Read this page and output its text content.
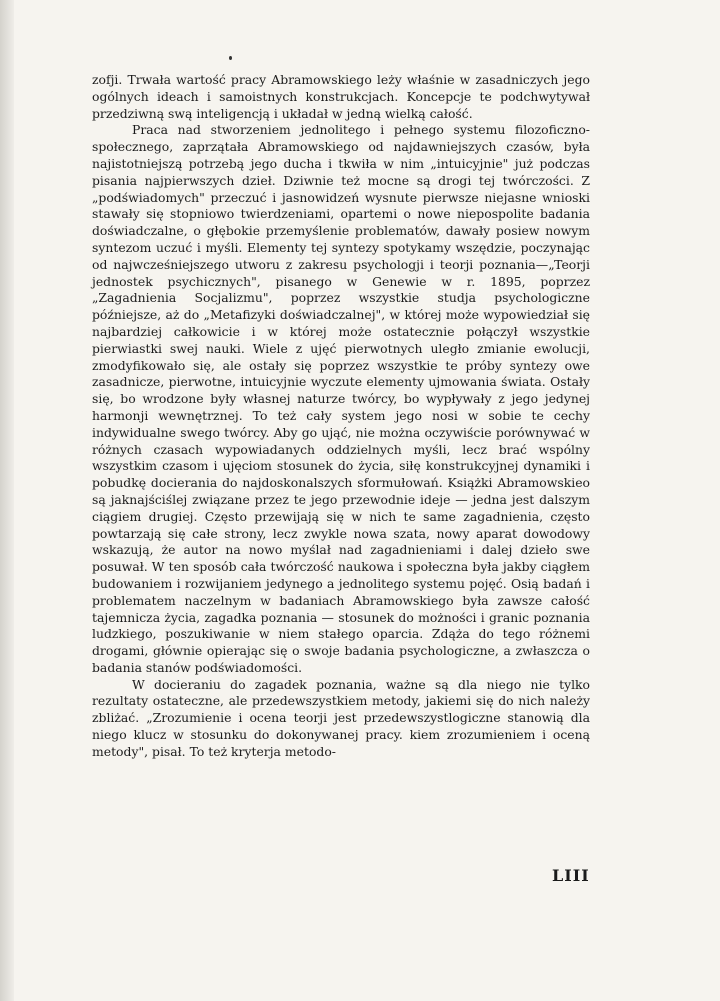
zofji. Trwała wartość pracy Abramowskiego leży właśnie w zasadniczych jego ogólnych ideach i samoistnych konstrukcjach. Koncepcje te podchwytywał przedziwną swą inteligencją i układał w jedną wielką całość.

Praca nad stworzeniem jednolitego i pełnego systemu filozoficzno-społecznego, zaprzątała Abramowskiego od najdawniejszych czasów, była najistotniejszą potrzebą jego ducha i tkwiła w nim „intuicyjnie" już podczas pisania najpierwszych dzieł. Dziwnie też mocne są drogi tej twórczości. Z „podświadomych" przeczuć i jasnowidzeń wysnute pierwsze niejasne wnioski stawały się stopniowo twierdzeniami, opartemi o nowe niepospolite badania doświadczalne, o głębokie przemyślenie problematów, dawały posiew nowym syntezom uczuć i myśli. Elementy tej syntezy spotykamy wszędzie, poczynając od najwcześniejszego utworu z zakresu psychologji i teorji poznania—„Teorji jednostek psychicznych", pisanego w Genewie w r. 1895, poprzez „Zagadnienia Socjalizmu", poprzez wszystkie studja psychologiczne późniejsze, aż do „Metafizyki doświadczalnej", w której może wypowiedział się najbardziej całkowicie i w której może ostatecznie połączył wszystkie pierwiastki swej nauki. Wiele z ujęć pierwotnych uległo zmianie ewolucji, zmodyfikowało się, ale ostały się poprzez wszystkie te próby syntezy owe zasadnicze, pierwotne, intuicyjnie wyczute elementy ujmowania świata. Ostały się, bo wrodzone były własnej naturze twórcy, bo wypływały z jego jedynej harmonji wewnętrznej. To też cały system jego nosi w sobie te cechy indywidualne swego twórcy. Aby go ująć, nie można oczywiście porównywać w różnych czasach wypowiadanych oddzielnych myśli, lecz brać wspólny wszystkim czasom i ujęciom stosunek do życia, siłę konstrukcyjnej dynamiki i pobudkę docierania do najdoskonalszych sformułowań. Książki Abramowskieo są jaknajściślej związane przez te jego przewodnie ideje — jedna jest dalszym ciągiem drugiej. Często przewijają się w nich te same zagadnienia, często powtarzają się całe strony, lecz zwykle nowa szata, nowy aparat dowodowy wskazują, że autor na nowo myślał nad zagadnieniami i dalej dzieło swe posuwał. W ten sposób cała twórczość naukowa i społeczna była jakby ciągłem budowaniem i rozwijaniem jedynego a jednolitego systemu pojęć. Osią badań i problematem naczelnym w badaniach Abramowskiego była zawsze całość tajemnicza życia, zagadka poznania — stosunek do możności i granic poznania ludzkiego, poszukiwanie w niem stałego oparcia. Zdąża do tego różnemi drogami, głównie opierając się o swoje badania psychologiczne, a zwłaszcza o badania stanów podświadomości.

W docieraniu do zagadek poznania, ważne są dla niego nie tylko rezultaty ostateczne, ale przedewszystkiem metody, jakiemi się do nich należy zbliżać. „Zrozumienie i ocena teorji jest przedewszystlogiczne stanowią dla niego klucz w stosunku do dokonywanej pracy. kiem zrozumieniem i oceną metody", pisał. To też kryterja metodo-

LIII
